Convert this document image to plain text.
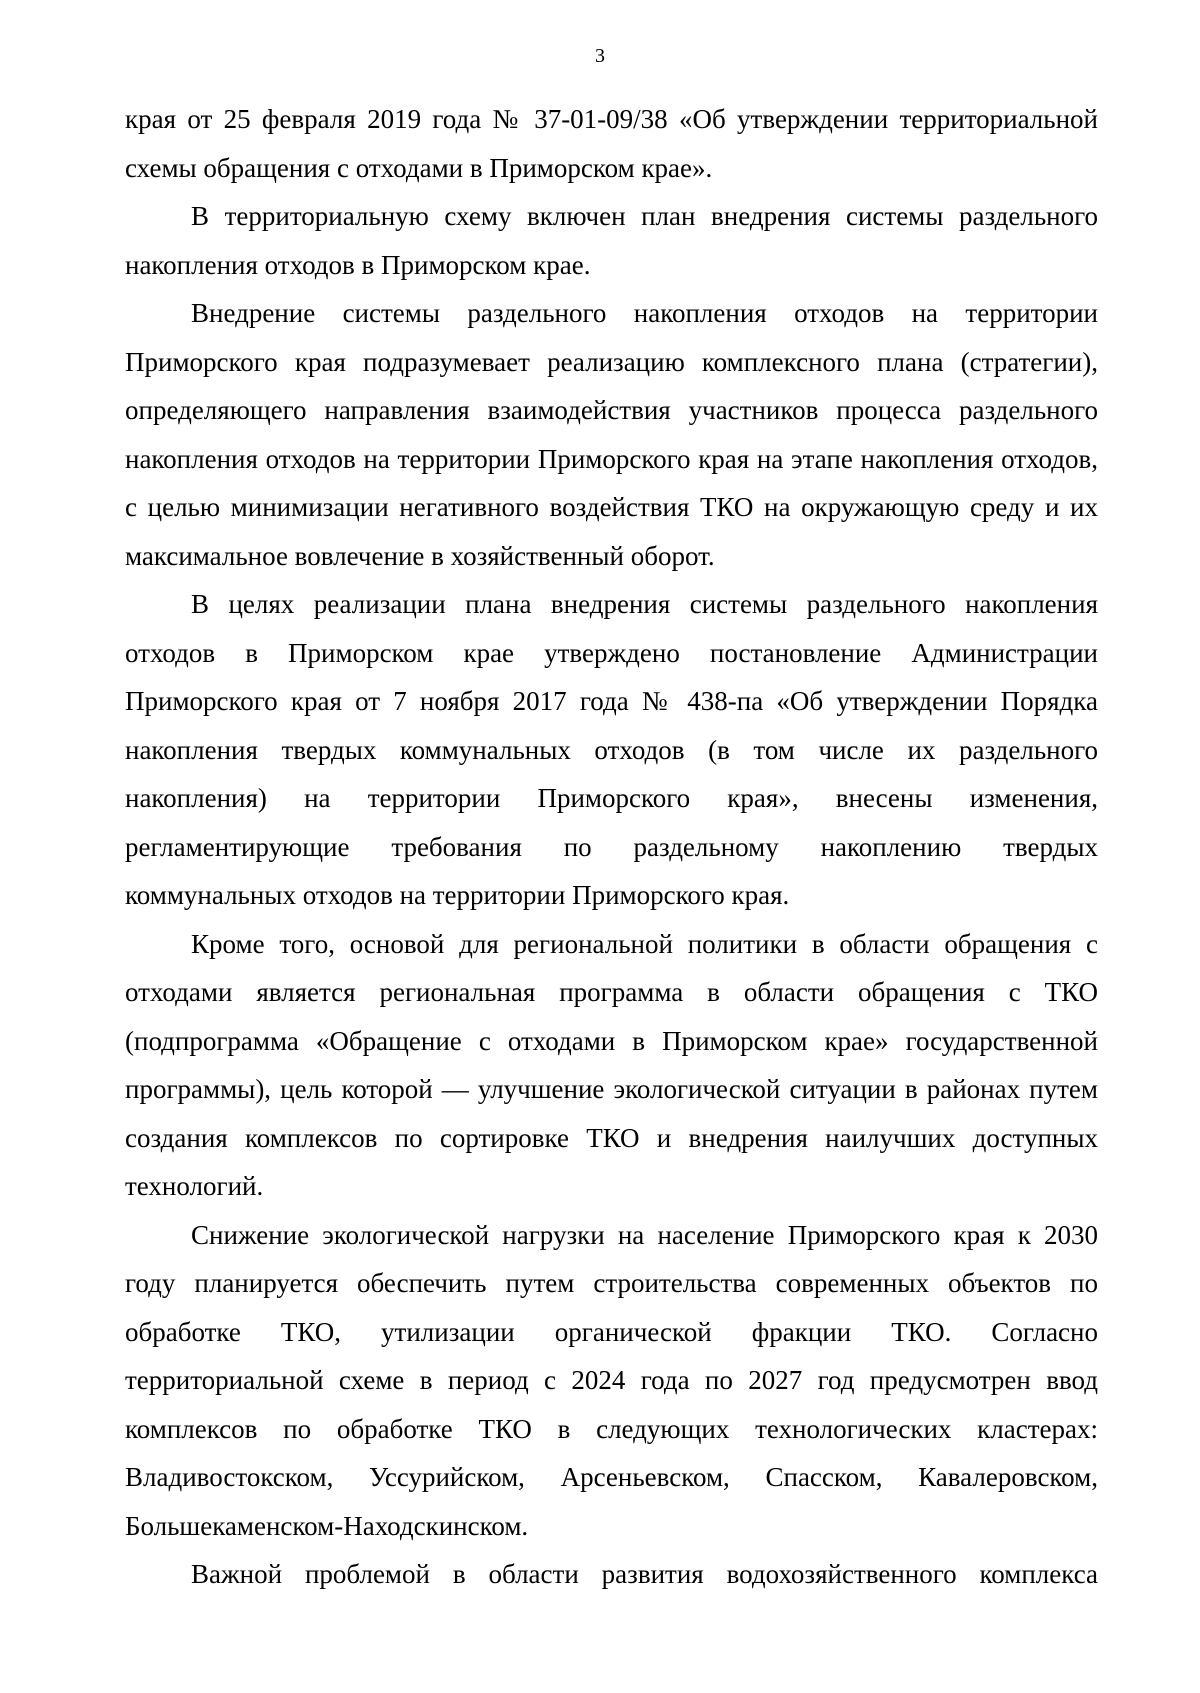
3

края от 25 февраля 2019 года № 37-01-09/38 «Об утверждении территориальной схемы обращения с отходами в Приморском крае».

В территориальную схему включен план внедрения системы раздельного накопления отходов в Приморском крае.

Внедрение системы раздельного накопления отходов на территории Приморского края подразумевает реализацию комплексного плана (стратегии), определяющего направления взаимодействия участников процесса раздельного накопления отходов на территории Приморского края на этапе накопления отходов, с целью минимизации негативного воздействия ТКО на окружающую среду и их максимальное вовлечение в хозяйственный оборот.

В целях реализации плана внедрения системы раздельного накопления отходов в Приморском крае утверждено постановление Администрации Приморского края от 7 ноября 2017 года № 438-па «Об утверждении Порядка накопления твердых коммунальных отходов (в том числе их раздельного накопления) на территории Приморского края», внесены изменения, регламентирующие требования по раздельному накоплению твердых коммунальных отходов на территории Приморского края.

Кроме того, основой для региональной политики в области обращения с отходами является региональная программа в области обращения с ТКО (подпрограмма «Обращение с отходами в Приморском крае» государственной программы), цель которой — улучшение экологической ситуации в районах путем создания комплексов по сортировке ТКО и внедрения наилучших доступных технологий.

Снижение экологической нагрузки на население Приморского края к 2030 году планируется обеспечить путем строительства современных объектов по обработке ТКО, утилизации органической фракции ТКО. Согласно территориальной схеме в период с 2024 года по 2027 год предусмотрен ввод комплексов по обработке ТКО в следующих технологических кластерах: Владивостокском, Уссурийском, Арсеньевском, Спасском, Кавалеровском, Большекаменском-Находскинском.

Важной проблемой в области развития водохозяйственного комплекса
